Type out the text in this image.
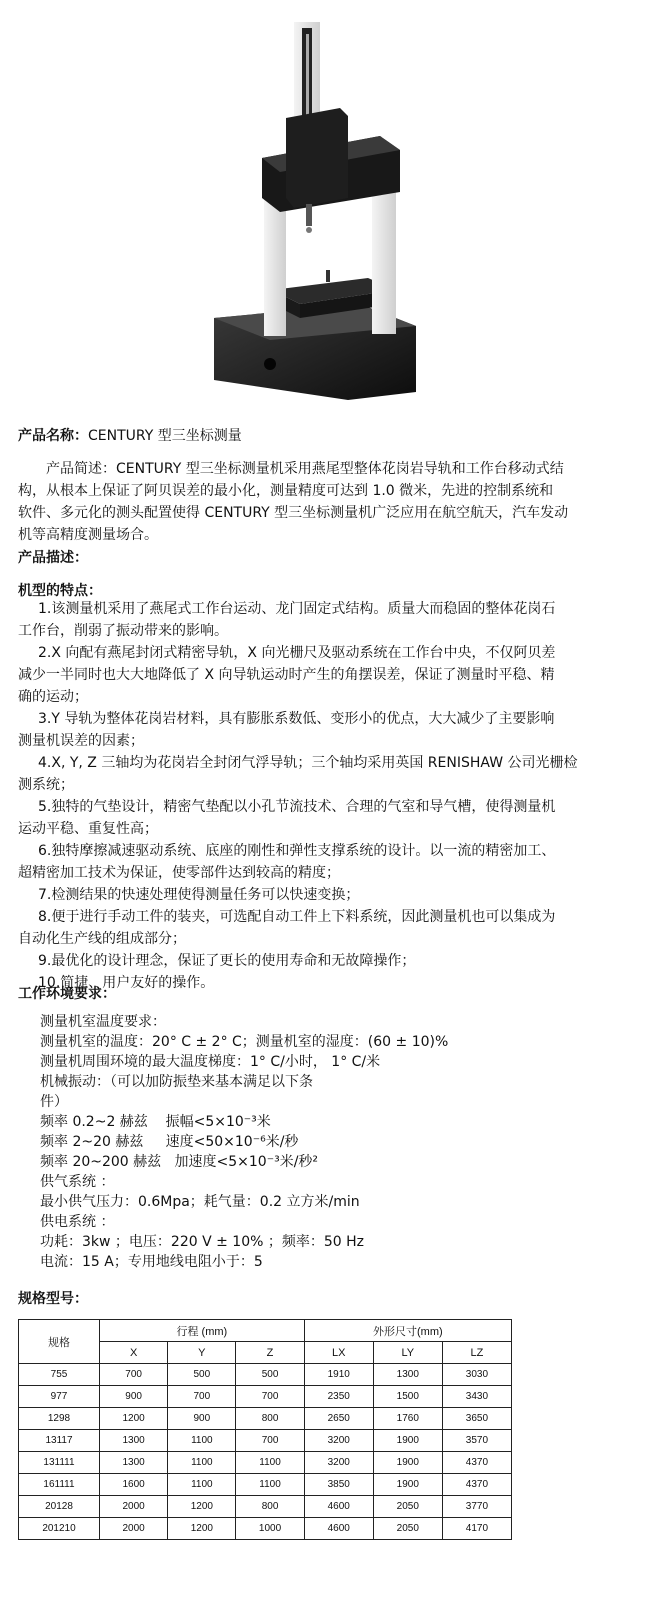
产品名称：CENTURY 型三坐标测量
产品简述：CENTURY 型三坐标测量机采用燕尾型整体花岗岩导轨和工作台移动式结
构，从根本上保证了阿贝误差的最小化，测量精度可达到 1.0 微米，先进的控制系统和
软件、多元化的测头配置使得 CENTURY 型三坐标测量机广泛应用在航空航天，汽车发动
机等高精度测量场合。
产品描述：
机型的特点：
1.该测量机采用了燕尾式工作台运动、龙门固定式结构。质量大而稳固的整体花岗石
工作台，削弱了振动带来的影响。
2.X 向配有燕尾封闭式精密导轨，X 向光栅尺及驱动系统在工作台中央，不仅阿贝差
减少一半同时也大大地降低了 X 向导轨运动时产生的角摆误差，保证了测量时平稳、精
确的运动；
3.Y 导轨为整体花岗岩材料，具有膨胀系数低、变形小的优点，大大减少了主要影响
测量机误差的因素；
4.X, Y, Z 三轴均为花岗岩全封闭气浮导轨；三个轴均采用英国 RENISHAW 公司光栅检
测系统；
5.独特的气垫设计，精密气垫配以小孔节流技术、合理的气室和导气槽，使得测量机
运动平稳、重复性高；
6.独特摩擦减速驱动系统、底座的刚性和弹性支撑系统的设计。以一流的精密加工、
超精密加工技术为保证，使零部件达到较高的精度；
7.检测结果的快速处理使得测量任务可以快速变换；
8.便于进行手动工件的装夹，可选配自动工件上下料系统，因此测量机也可以集成为
自动化生产线的组成部分；
9.最优化的设计理念，保证了更长的使用寿命和无故障操作；
10.简捷、用户友好的操作。
工作环境要求：
测量机室温度要求：
测量机室的温度：20° C ± 2° C；测量机室的湿度：(60 ± 10)%
测量机周围环境的最大温度梯度：1° C/小时， 1° C/米
机械振动：（可以加防振垫来基本满足以下条
件）
频率 0.2~2 赫兹    振幅<5×10⁻³米
频率 2~20 赫兹     速度<50×10⁻⁶米/秒
频率 20~200 赫兹   加速度<5×10⁻³米/秒²
供气系统 ：
最小供气压力：0.6Mpa；耗气量：0.2 立方米/min
供电系统 ：
功耗：3kw ；电压：220 V ± 10% ；频率：50 Hz
电流：15 A；专用地线电阻小于：5
规格型号：
规格	行程 (mm)			外形尺寸(mm)		
	X	Y	Z	LX	LY	LZ
755	700	500	500	1910	1300	3030
977	900	700	700	2350	1500	3430
1298	1200	900	800	2650	1760	3650
13117	1300	1100	700	3200	1900	3570
131111	1300	1100	1100	3200	1900	4370
161111	1600	1100	1100	3850	1900	4370
20128	2000	1200	800	4600	2050	3770
201210	2000	1200	1000	4600	2050	4170
